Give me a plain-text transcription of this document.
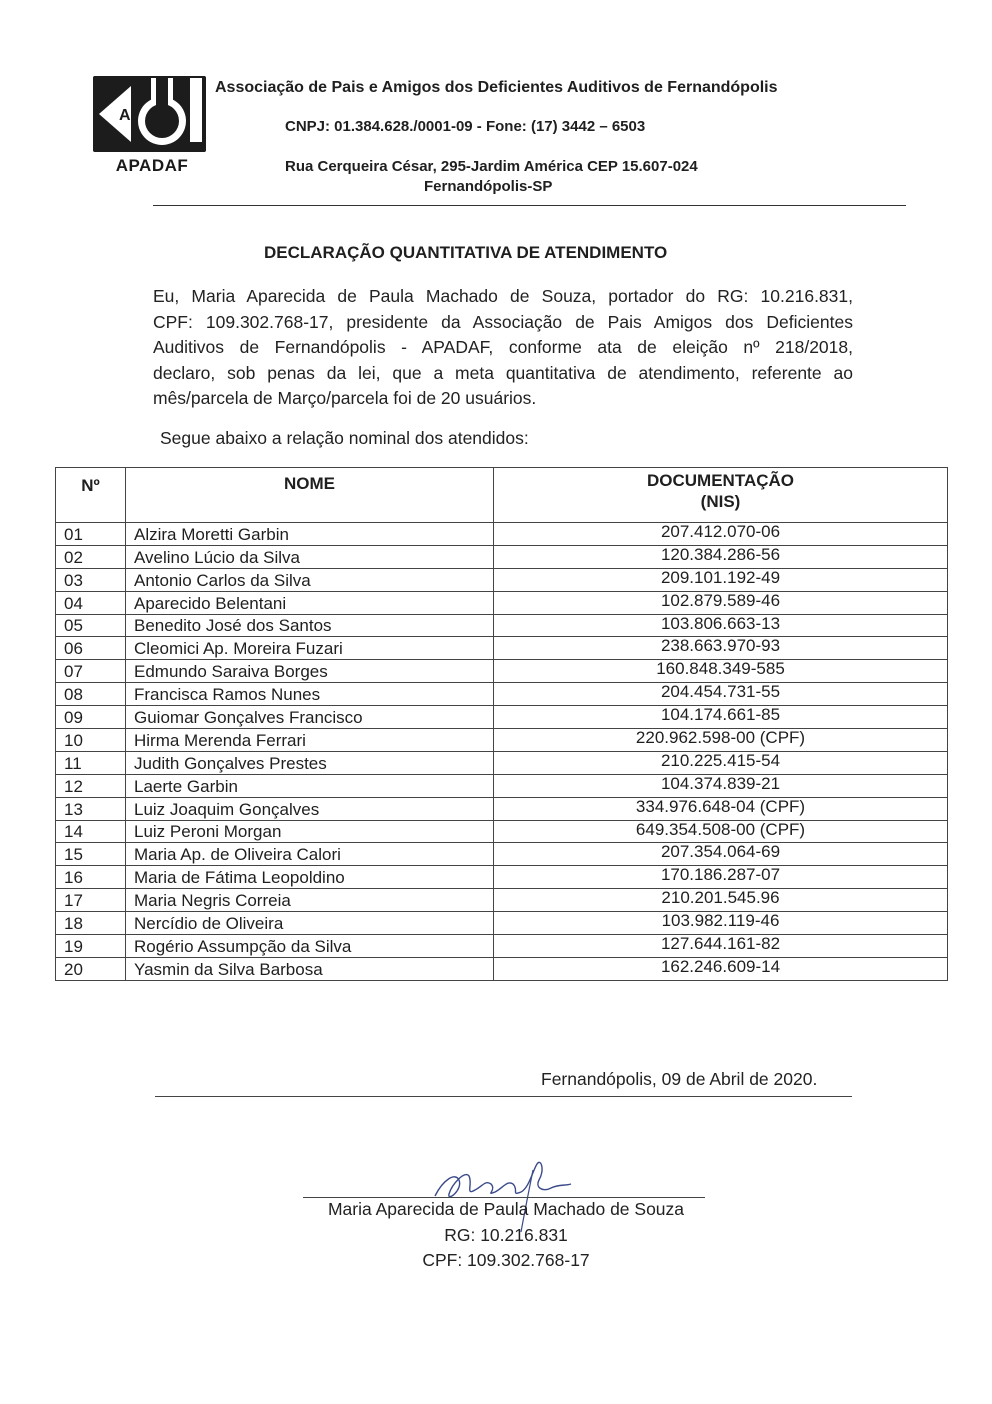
A
APADAF
Associação de Pais e Amigos dos Deficientes Auditivos de Fernandópolis
CNPJ: 01.384.628./0001-09 - Fone: (17) 3442 – 6503
Rua Cerqueira César, 295-Jardim América CEP 15.607-024
Fernandópolis-SP
DECLARAÇÃO QUANTITATIVA DE ATENDIMENTO
Eu, Maria Aparecida de Paula Machado de Souza, portador do RG: 10.216.831,
CPF: 109.302.768-17, presidente da Associação de Pais Amigos dos Deficientes
Auditivos de Fernandópolis - APADAF, conforme ata de eleição nº 218/2018,
declaro, sob penas da lei, que a meta quantitativa de atendimento, referente ao
mês/parcela de Março/parcela foi de 20 usuários.
Segue abaixo a relação nominal dos atendidos:
Nº	NOME	DOCUMENTAÇÃO
(NIS)

01	Alzira Moretti Garbin	207.412.070-06
02	Avelino Lúcio da Silva	120.384.286-56
03	Antonio Carlos da Silva	209.101.192-49
04	Aparecido Belentani	102.879.589-46
05	Benedito José dos Santos	103.806.663-13
06	Cleomici Ap. Moreira Fuzari	238.663.970-93
07	Edmundo Saraiva Borges	160.848.349-585
08	Francisca Ramos Nunes	204.454.731-55
09	Guiomar Gonçalves Francisco	104.174.661-85
10	Hirma Merenda Ferrari	220.962.598-00 (CPF)
11	Judith Gonçalves Prestes	210.225.415-54
12	Laerte Garbin	104.374.839-21
13	Luiz Joaquim Gonçalves	334.976.648-04 (CPF)
14	Luiz Peroni Morgan	649.354.508-00 (CPF)
15	Maria Ap. de Oliveira Calori	207.354.064-69
16	Maria de Fátima Leopoldino	170.186.287-07
17	Maria Negris Correia	210.201.545.96
18	Nercídio de Oliveira	103.982.119-46
19	Rogério Assumpção da Silva	127.644.161-82
20	Yasmin da Silva Barbosa	162.246.609-14
Fernandópolis, 09 de Abril de 2020.
Maria Aparecida de Paula Machado de Souza
RG: 10.216.831
CPF: 109.302.768-17
